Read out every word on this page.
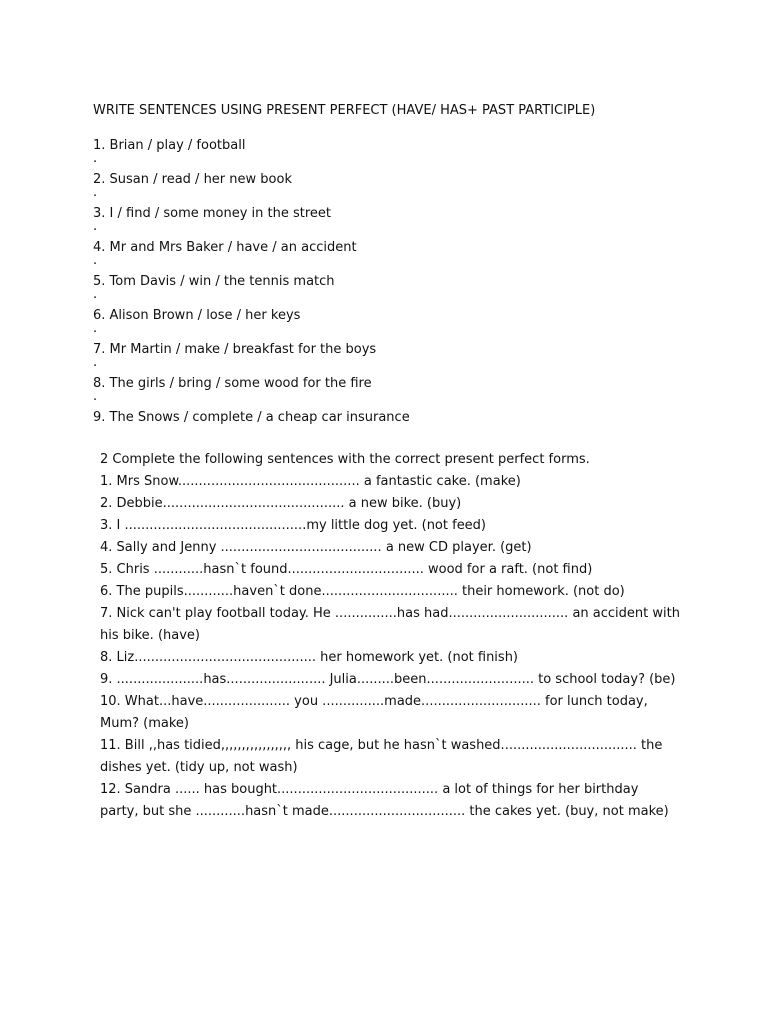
WRITE SENTENCES USING PRESENT PERFECT (HAVE/ HAS+ PAST PARTICIPLE)
1. Brian / play / football
.
2. Susan / read / her new book
.
3. I / find / some money in the street
.
4. Mr and Mrs Baker / have / an accident
.
5. Tom Davis / win / the tennis match
.
6. Alison Brown / lose / her keys
.
7. Mr Martin / make / breakfast for the boys
.
8. The girls / bring / some wood for the fire
.
9. The Snows / complete / a cheap car insurance
2 Complete the following sentences with the correct present perfect forms.
1. Mrs Snow............................................ a fantastic cake. (make)
2. Debbie............................................ a new bike. (buy)
3. I ............................................my little dog yet. (not feed)
4. Sally and Jenny ....................................... a new CD player. (get)
5. Chris ............hasn`t found................................. wood for a raft. (not find)
6. The pupils............haven`t done................................. their homework. (not do)
7. Nick can't play football today. He ...............has had............................. an accident with his bike. (have)
8. Liz............................................ her homework yet. (not finish)
9. .....................has........................ Julia.........been.......................... to school today? (be)
10. What...have..................... you ...............made............................. for lunch today, Mum? (make)
11. Bill ,,has tidied,,,,,,,,,,,,,,,,, his cage, but he hasn`t washed................................. the dishes yet. (tidy up, not wash)
12. Sandra ...... has bought....................................... a lot of things for her birthday party, but she ............hasn`t made................................. the cakes yet. (buy, not make)
